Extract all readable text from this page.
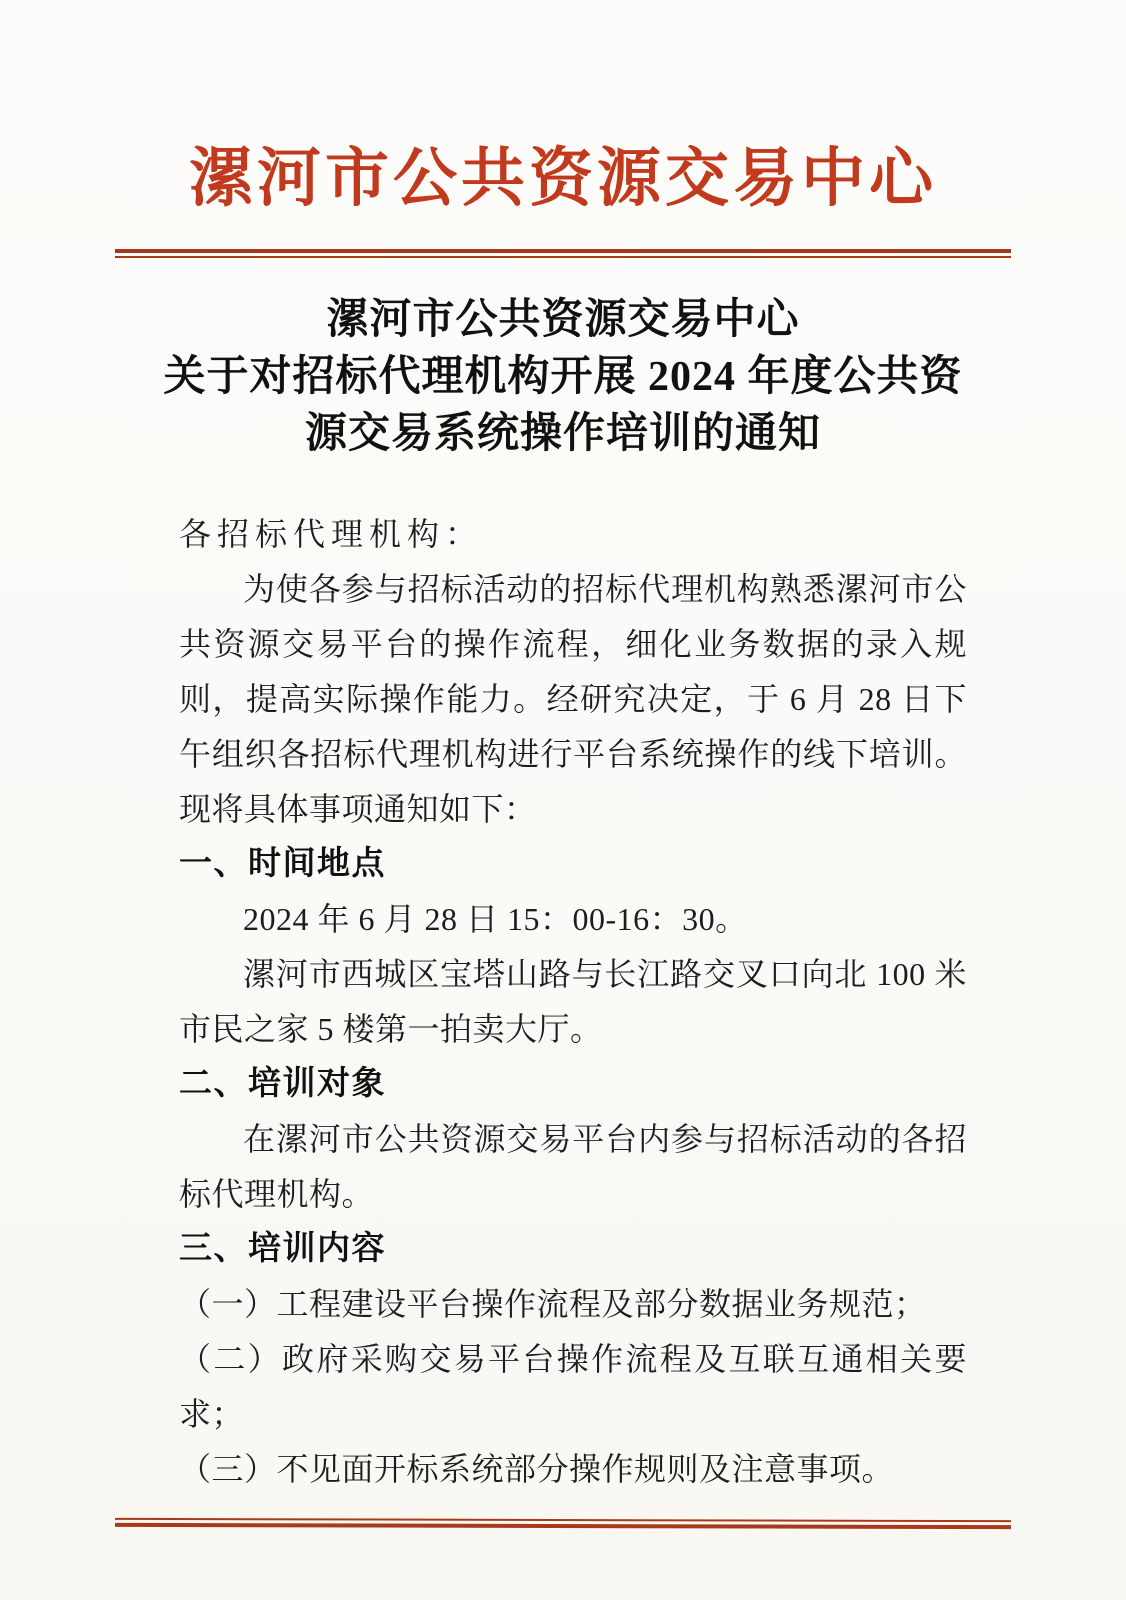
漯河市公共资源交易中心
漯河市公共资源交易中心
关于对招标代理机构开展 2024 年度公共资
源交易系统操作培训的通知

各招标代理机构：

为使各参与招标活动的招标代理机构熟悉漯河市公共资源交易平台的操作流程，细化业务数据的录入规则，提高实际操作能力。经研究决定，于 6 月 28 日下午组织各招标代理机构进行平台系统操作的线下培训。现将具体事项通知如下：

一、时间地点

2024 年 6 月 28 日 15：00-16：30。

漯河市西城区宝塔山路与长江路交叉口向北 100 米市民之家 5 楼第一拍卖大厅。

二、培训对象

在漯河市公共资源交易平台内参与招标活动的各招标代理机构。

三、培训内容

（一）工程建设平台操作流程及部分数据业务规范；

（二）政府采购交易平台操作流程及互联互通相关要求；

（三）不见面开标系统部分操作规则及注意事项。
